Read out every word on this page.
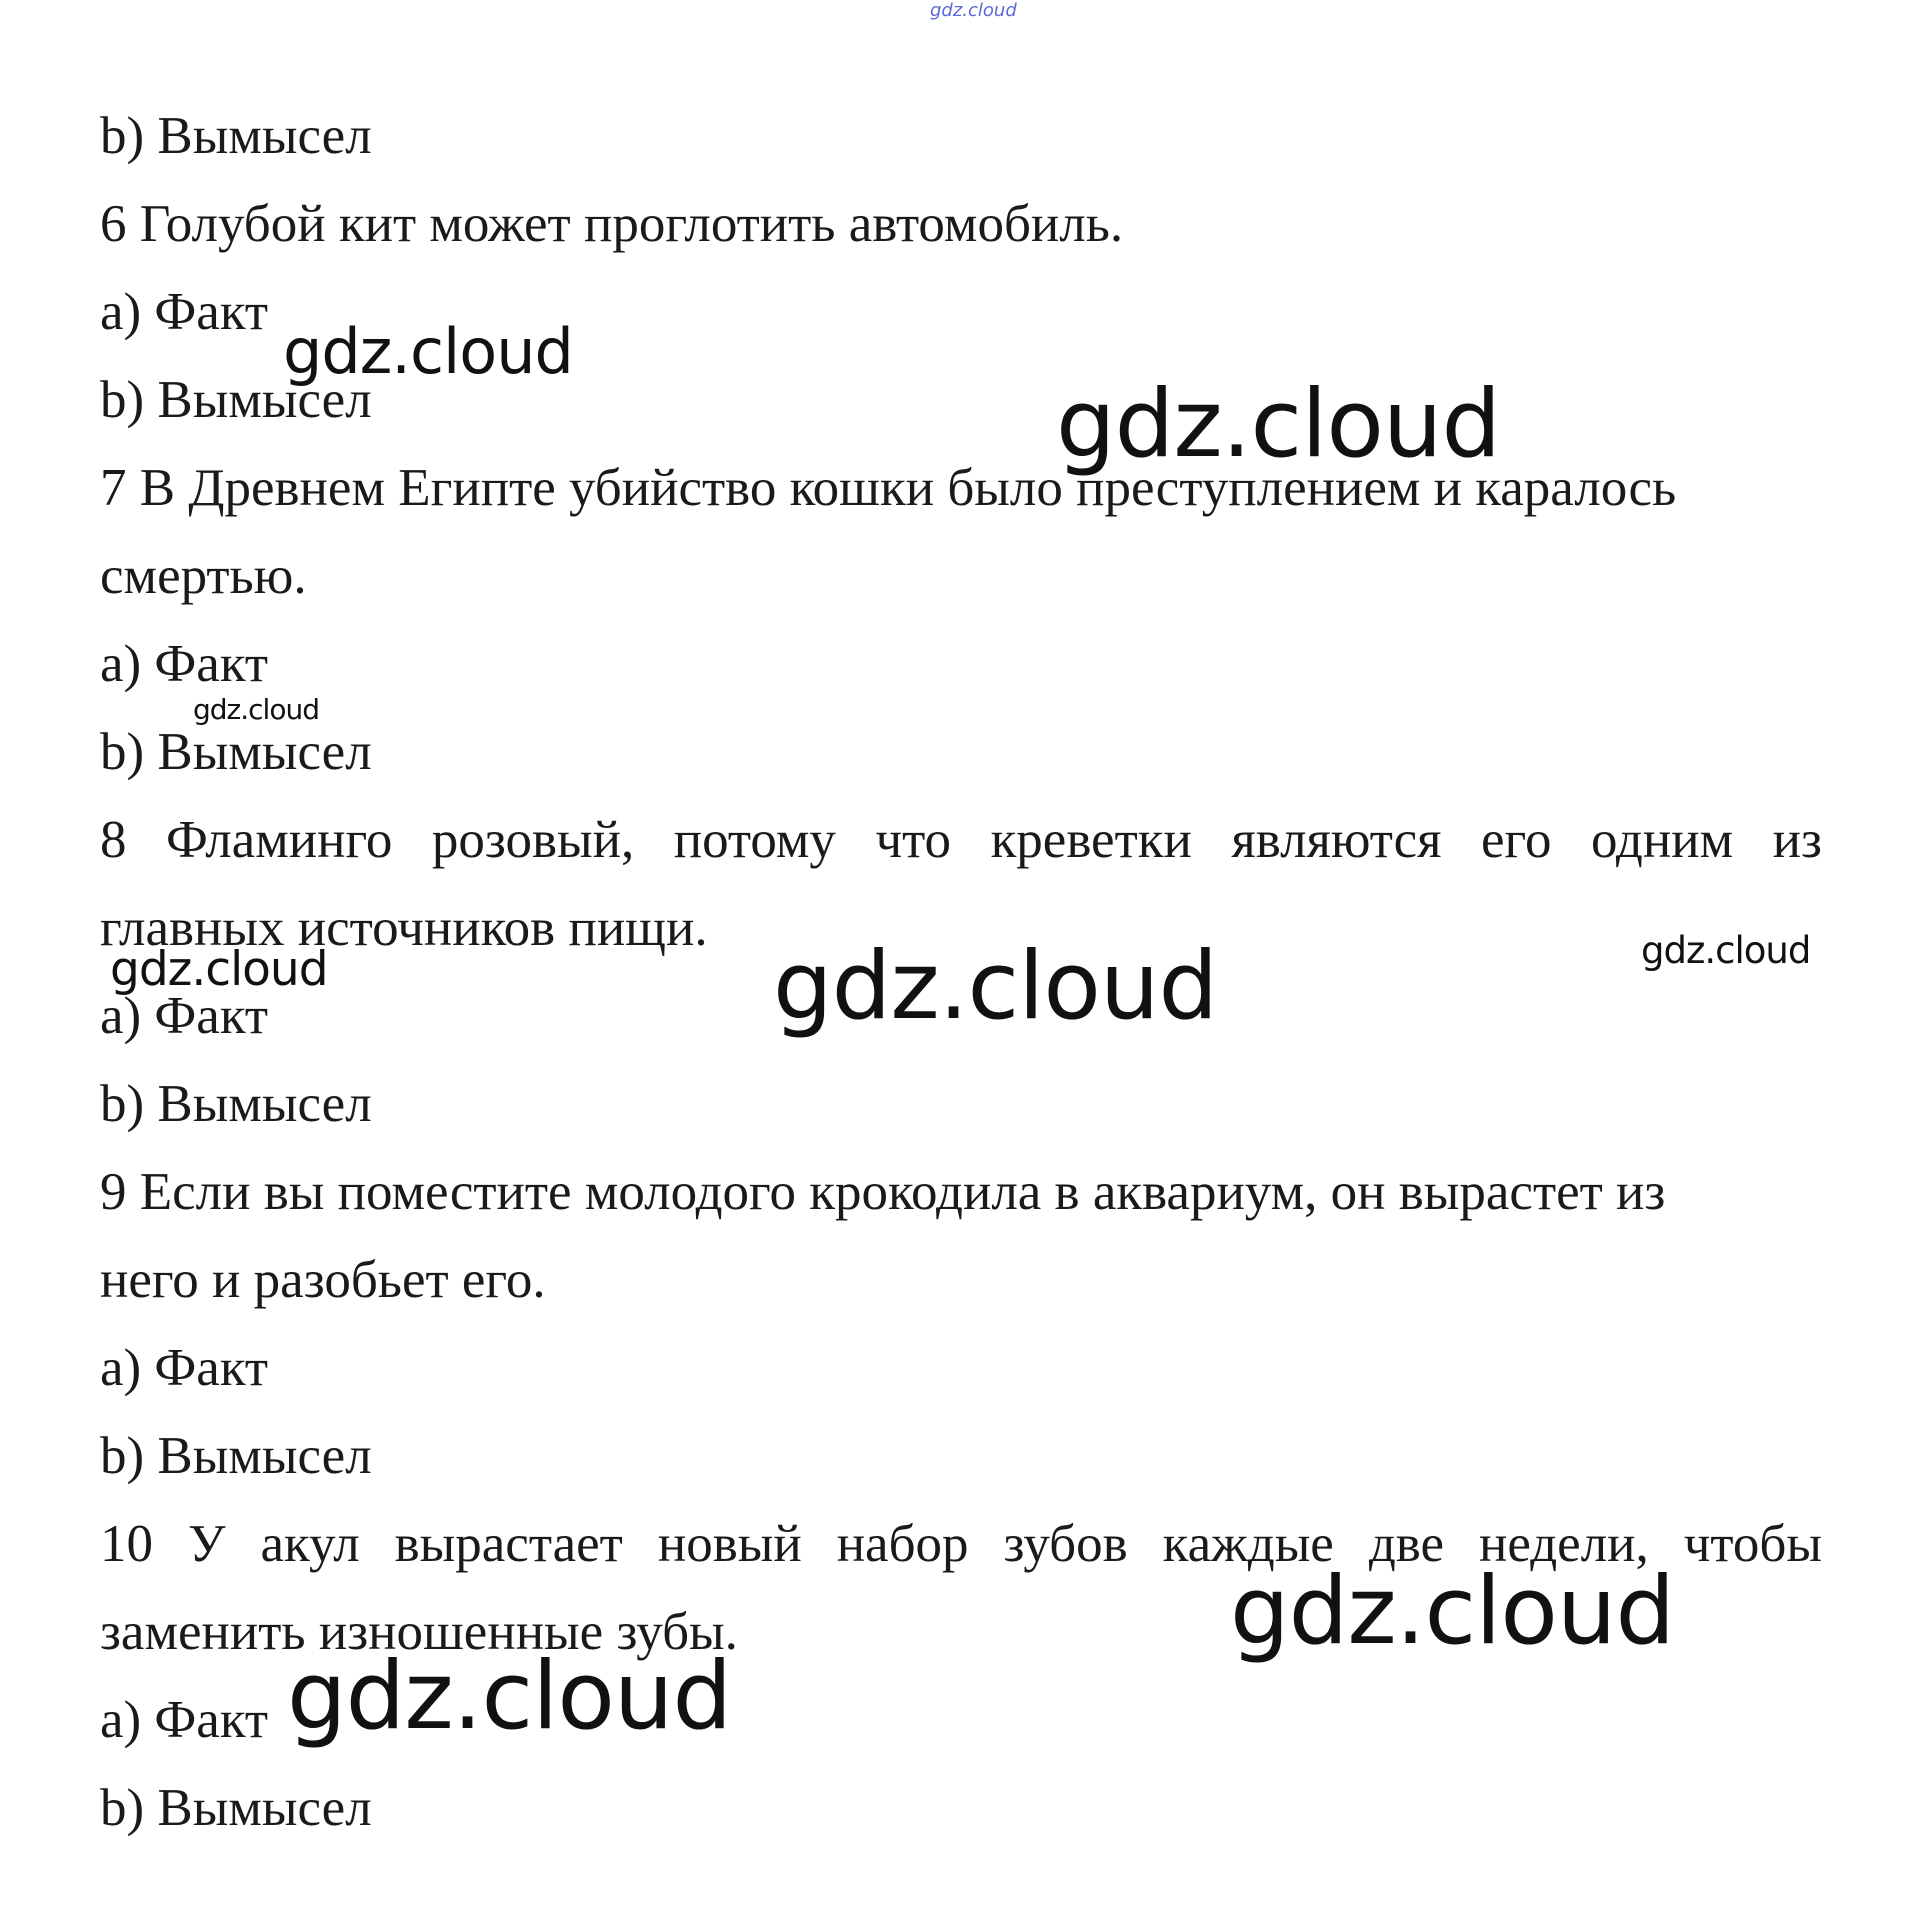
gdz.cloud
b) Вымысел
6 Голубой кит может проглотить автомобиль.
а) Факт
b) Вымысел
7 В Древнем Египте убийство кошки было преступлением и каралось
смертью.
а) Факт
b) Вымысел
8 Фламинго розовый, потому что креветки являются его одним из
главных источников пищи.
а) Факт
b) Вымысел
9 Если вы поместите молодого крокодила в аквариум, он вырастет из
него и разобьет его.
а) Факт
b) Вымысел
10 У акул вырастает новый набор зубов каждые две недели, чтобы
заменить изношенные зубы.
а) Факт
b) Вымысел
gdz.cloud
gdz.cloud
gdz.cloud
gdz.cloud	gdz.cloud
gdz.cloud
gdz.cloud
gdz.cloud
